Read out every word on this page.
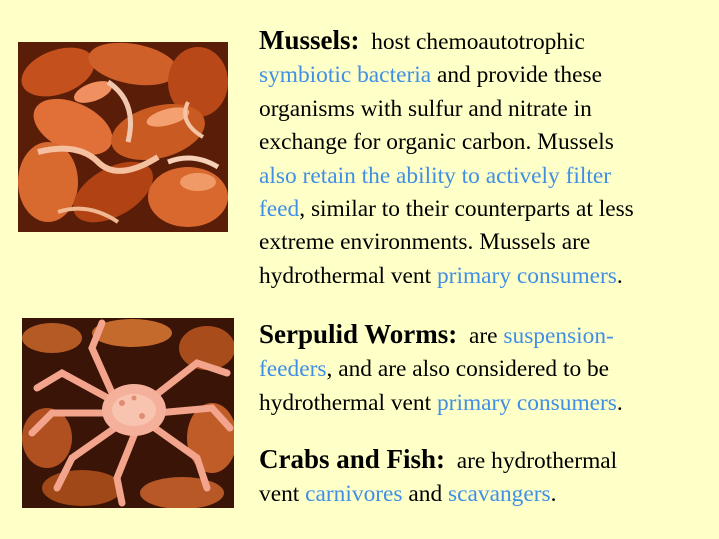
Mussels: host chemoautotrophic
symbiotic bacteria and provide these
organisms with sulfur and nitrate in
exchange for organic carbon. Mussels
also retain the ability to actively filter
feed, similar to their counterparts at less
extreme environments. Mussels are
hydrothermal vent primary consumers.
Serpulid Worms: are suspension-
feeders, and are also considered to be
hydrothermal vent primary consumers.
Crabs and Fish: are hydrothermal
vent carnivores and scavangers.
